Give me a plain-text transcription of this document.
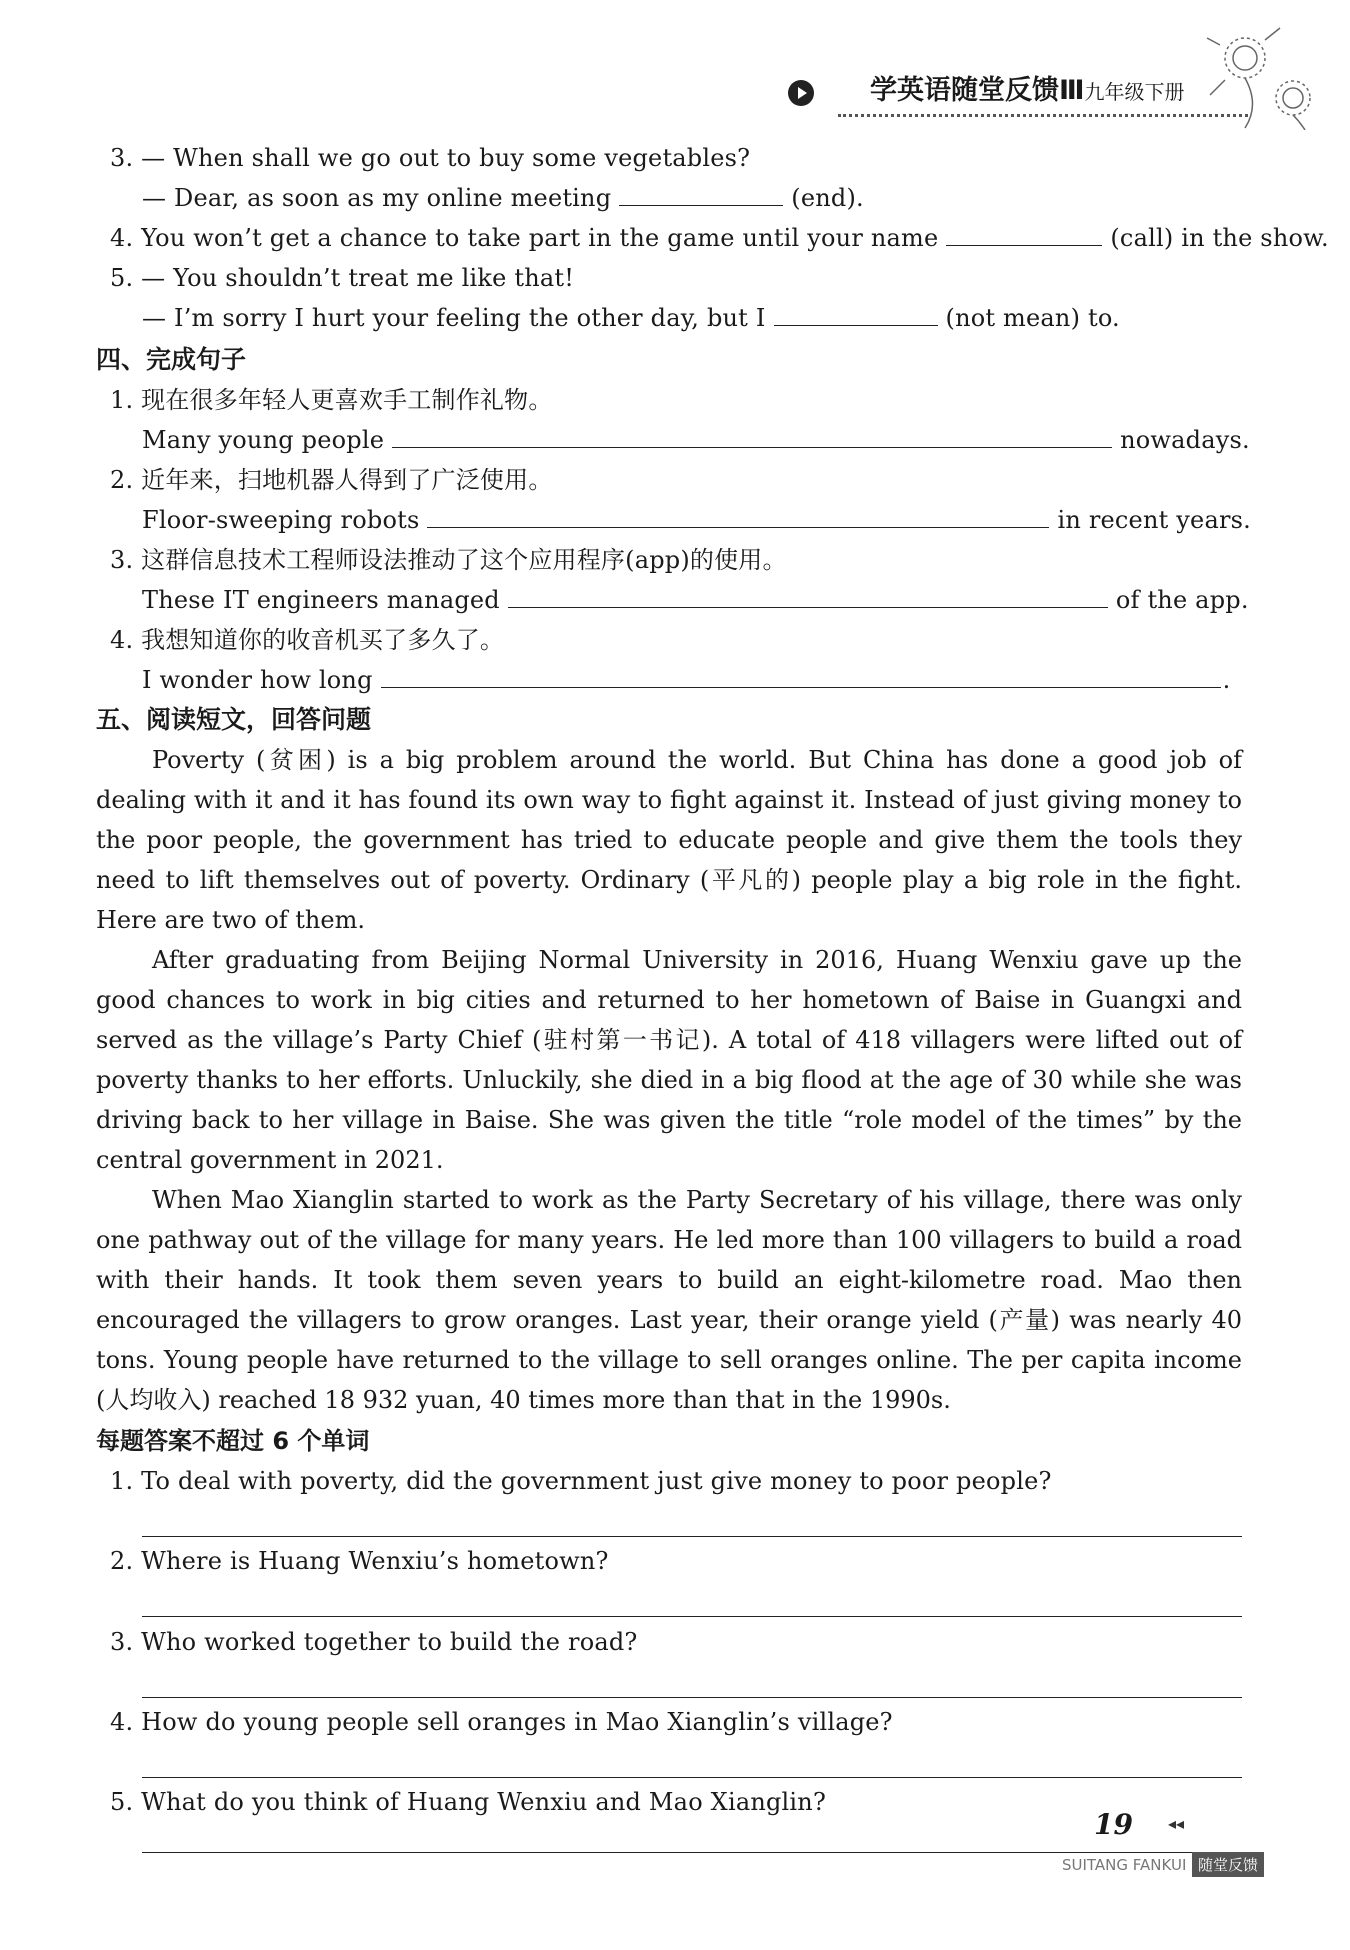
学英语随堂反馈Ⅲ九年级下册
3. — When shall we go out to buy some vegetables?
— Dear, as soon as my online meeting	(end).
4. You won’t get a chance to take part in the game until your name	(call) in the show.
5. — You shouldn’t treat me like that!
— I’m sorry I hurt your feeling the other day, but I	(not mean) to.
四、完成句子
1. 现在很多年轻人更喜欢手工制作礼物。
Many young people	nowadays.
2. 近年来，扫地机器人得到了广泛使用。
Floor-sweeping robots	in recent years.
3. 这群信息技术工程师设法推动了这个应用程序(app)的使用。
These IT engineers managed	of the app.
4. 我想知道你的收音机买了多久了。
I wonder how long	.
五、阅读短文，回答问题

Poverty (贫困) is a big problem around the world. But China has done a good job of dealing with it and it has found its own way to fight against it. Instead of just giving money to the poor people, the government has tried to educate people and give them the tools they need to lift themselves out of poverty. Ordinary (平凡的) people play a big role in the fight. Here are two of them.

After graduating from Beijing Normal University in 2016, Huang Wenxiu gave up the good chances to work in big cities and returned to her hometown of Baise in Guangxi and served as the village’s Party Chief (驻村第一书记). A total of 418 villagers were lifted out of poverty thanks to her efforts. Unluckily, she died in a big flood at the age of 30 while she was driving back to her village in Baise. She was given the title “role model of the times” by the central government in 2021.

When Mao Xianglin started to work as the Party Secretary of his village, there was only one pathway out of the village for many years. He led more than 100 villagers to build a road with their hands. It took them seven years to build an eight-kilometre road. Mao then encouraged the villagers to grow oranges. Last year, their orange yield (产量) was nearly 40 tons. Young people have returned to the village to sell oranges online. The per capita income (人均收入) reached 18 932 yuan, 40 times more than that in the 1990s.

每题答案不超过 6 个单词
1. To deal with poverty, did the government just give money to poor people?
2. Where is Huang Wenxiu’s hometown?
3. Who worked together to build the road?
4. How do young people sell oranges in Mao Xianglin’s village?
5. What do you think of Huang Wenxiu and Mao Xianglin?
19 ◂◂
SUITANG FANKUI 随堂反馈
